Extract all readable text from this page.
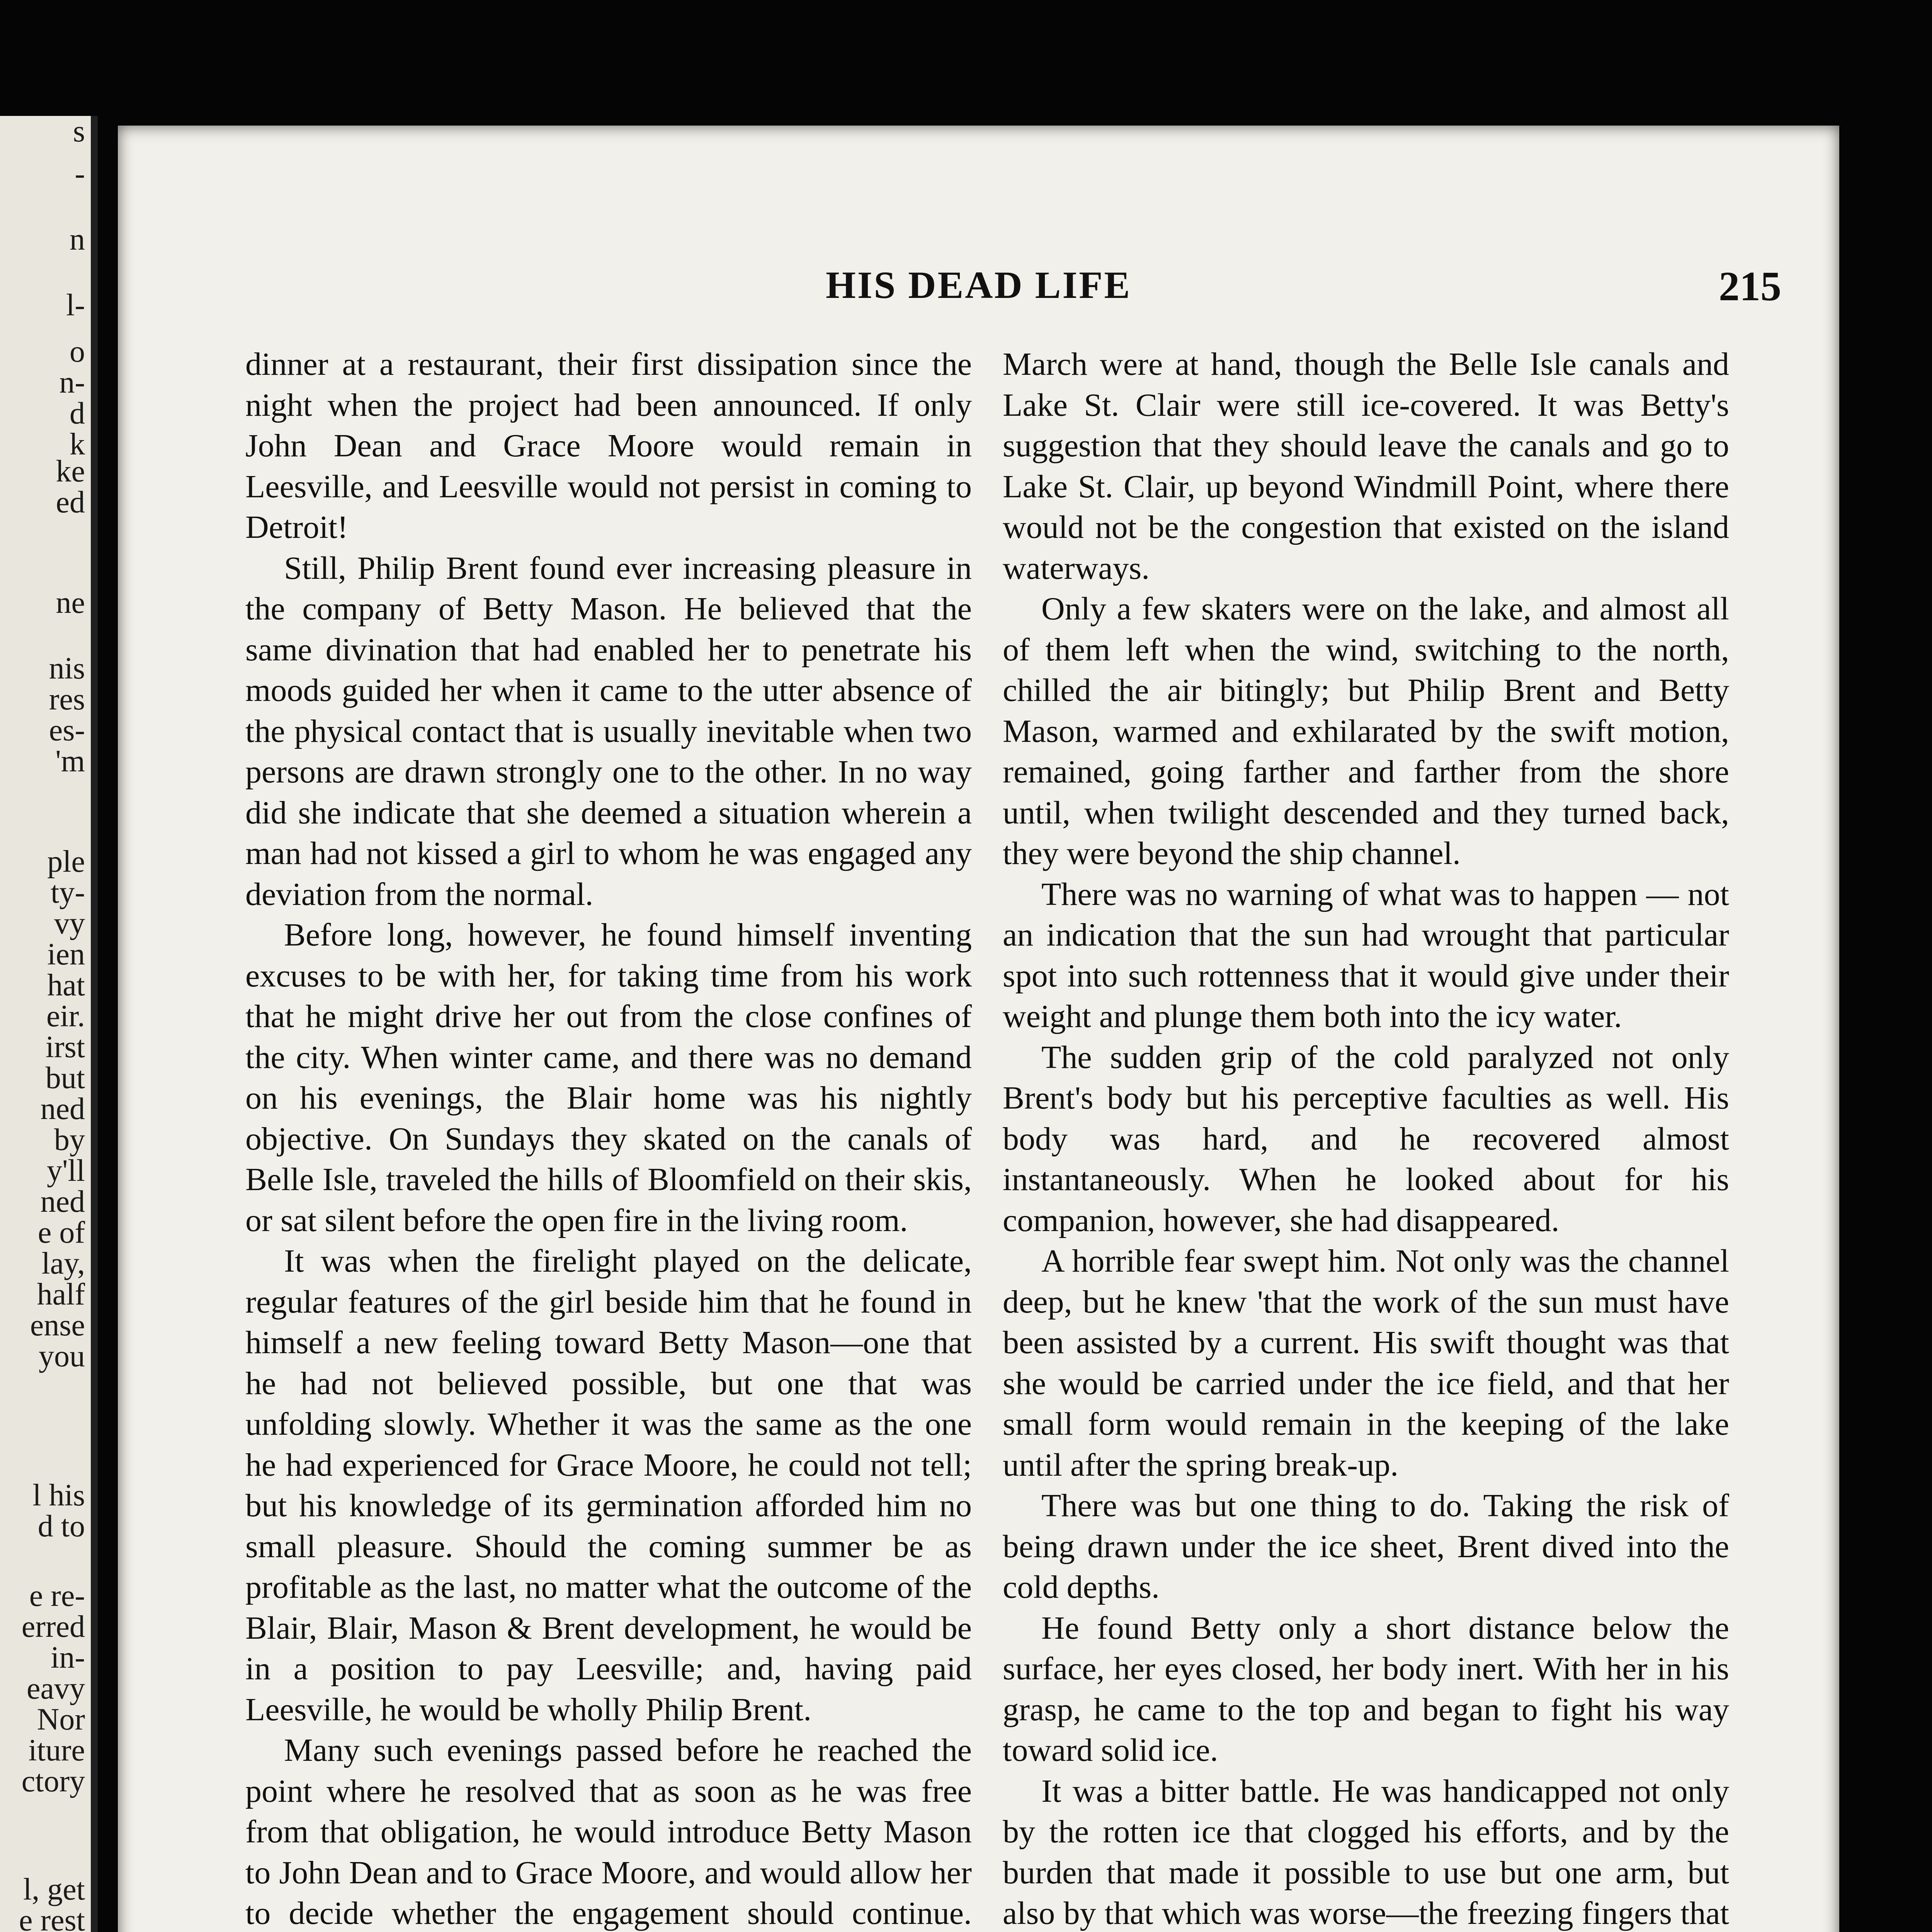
s
-
n
l-
o
n-
d
k
ke
ed
ne
nis
res
es-
'm
ple
ty-
vy
ien
hat
eir.
irst
but
ned
by
y'll
ned
e of
lay,
half
ense
you
l his
d to
e re-
erred
in-
eavy
Nor
iture
ctory
l, get
e rest
HIS DEAD LIFE	215

dinner at a restaurant, their first dissipation since the night when the project had been announced. If only John Dean and Grace Moore would remain in Leesville, and Leesville would not persist in coming to Detroit!

Still, Philip Brent found ever increasing pleasure in the company of Betty Mason. He believed that the same divination that had enabled her to penetrate his moods guided her when it came to the utter absence of the physical contact that is usually inevitable when two persons are drawn strongly one to the other. In no way did she indicate that she deemed a situation wherein a man had not kissed a girl to whom he was engaged any deviation from the normal.

Before long, however, he found himself inventing excuses to be with her, for taking time from his work that he might drive her out from the close confines of the city. When winter came, and there was no demand on his evenings, the Blair home was his nightly objective. On Sundays they skated on the canals of Belle Isle, traveled the hills of Bloomfield on their skis, or sat silent before the open fire in the living room.

It was when the firelight played on the delicate, regular features of the girl beside him that he found in himself a new feeling toward Betty Mason—one that he had not believed possible, but one that was unfolding slowly. Whether it was the same as the one he had experienced for Grace Moore, he could not tell; but his knowledge of its germination afforded him no small pleasure. Should the coming summer be as profitable as the last, no matter what the outcome of the Blair, Blair, Mason & Brent development, he would be in a position to pay Leesville; and, having paid Leesville, he would be wholly Philip Brent.

Many such evenings passed before he reached the point where he resolved that as soon as he was free from that obligation, he would introduce Betty Mason to John Dean and to Grace Moore, and would allow her to decide whether the engagement should continue.

March were at hand, though the Belle Isle canals and Lake St. Clair were still ice-covered. It was Betty's suggestion that they should leave the canals and go to Lake St. Clair, up beyond Windmill Point, where there would not be the congestion that existed on the island waterways.

Only a few skaters were on the lake, and almost all of them left when the wind, switching to the north, chilled the air bitingly; but Philip Brent and Betty Mason, warmed and exhilarated by the swift motion, remained, going farther and farther from the shore until, when twilight descended and they turned back, they were beyond the ship channel.

There was no warning of what was to happen — not an indication that the sun had wrought that particular spot into such rottenness that it would give under their weight and plunge them both into the icy water.

The sudden grip of the cold paralyzed not only Brent's body but his perceptive faculties as well. His body was hard, and he recovered almost instantaneously. When he looked about for his companion, however, she had disappeared.

A horrible fear swept him. Not only was the channel deep, but he knew 'that the work of the sun must have been assisted by a current. His swift thought was that she would be carried under the ice field, and that her small form would remain in the keeping of the lake until after the spring break-up.

There was but one thing to do. Taking the risk of being drawn under the ice sheet, Brent dived into the cold depths.

He found Betty only a short distance below the surface, her eyes closed, her body inert. With her in his grasp, he came to the top and began to fight his way toward solid ice.

It was a bitter battle. He was handicapped not only by the rotten ice that clogged his efforts, and by the burden that made it possible to use but one arm, but also by that which was worse—the freezing fingers that
